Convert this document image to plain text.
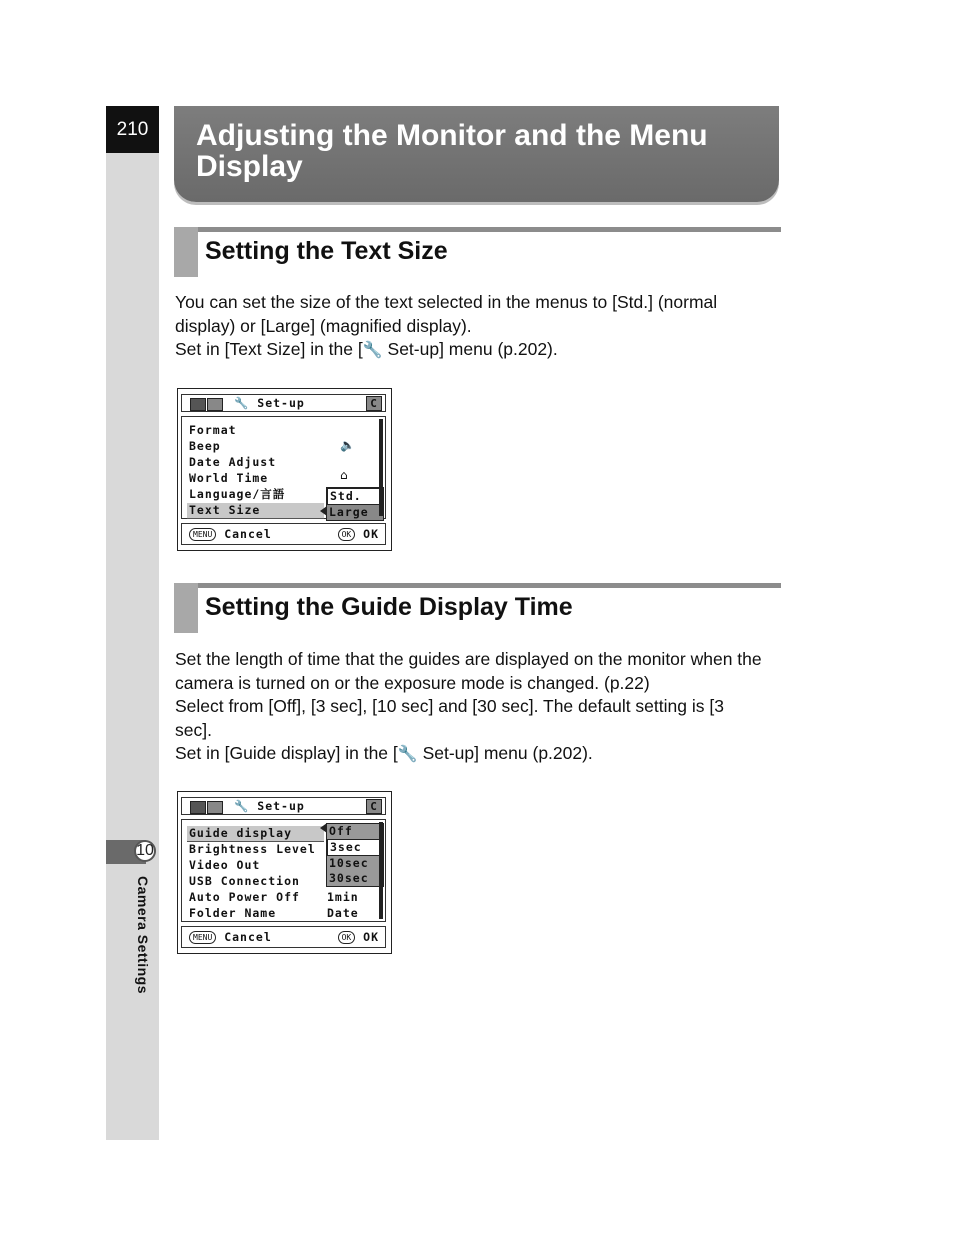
210
10
Camera Settings
Adjusting the Monitor and the Menu Display
Setting the Text Size

You can set the size of the text selected in the menus to [Std.] (normal display) or [Large] (magnified display).

Set in [Text Size] in the [🔧 Set-up] menu (p.202).

🔧 Set-up	C
Format
Beep
Date Adjust
World Time
Language/言語
Text Size
🔈
⌂
Std.
Large
MENU Cancel	OK OK
Setting the Guide Display Time

Set the length of time that the guides are displayed on the monitor when the camera is turned on or the exposure mode is changed. (p.22)

Select from [Off], [3 sec], [10 sec] and [30 sec]. The default setting is [3 sec].

Set in [Guide display] in the [🔧 Set-up] menu (p.202).

🔧 Set-up	C
Guide display
Brightness Level
Video Out
USB Connection
Auto Power Off
Folder Name
Off
3sec
10sec
30sec
1min
Date
MENU Cancel	OK OK
